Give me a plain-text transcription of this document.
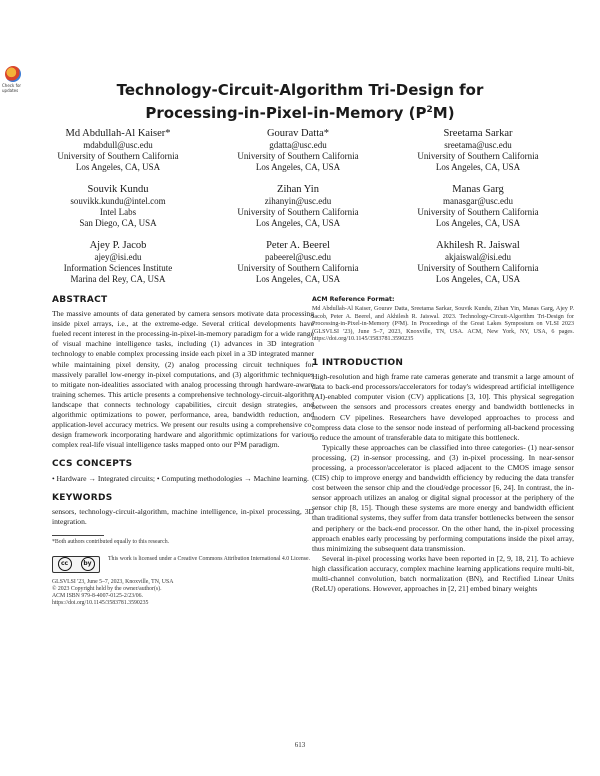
Check for updates	Technology-Circuit-Algorithm Tri-Design for
Processing-in-Pixel-in-Memory $(P^2M)$
Md Abdullah-Al Kaiser*
mdabdull@usc.edu
University of Southern California
Los Angeles, CA, USA
Gourav Datta*
gdatta@usc.edu
University of Southern California
Los Angeles, CA, USA
Sreetama Sarkar
sreetama@usc.edu
University of Southern California
Los Angeles, CA, USA
Souvik Kundu
souvikk.kundu@intel.com
Intel Labs
San Diego, CA, USA
Zihan Yin
zihanyin@usc.edu
University of Southern California
Los Angeles, CA, USA
Manas Garg
manasgar@usc.edu
University of Southern California
Los Angeles, CA, USA
Ajey P. Jacob
ajey@isi.edu
Information Sciences Institute
Marina del Rey, CA, USA
Peter A. Beerel
pabeerel@usc.edu
University of Southern California
Los Angeles, CA, USA
Akhilesh R. Jaiswal
akjaiswal@isi.edu
University of Southern California
Los Angeles, CA, USA
ABSTRACT

The massive amounts of data generated by camera sensors motivate data processing inside pixel arrays, i.e., at the extreme-edge. Several critical developments have fueled recent interest in the processing-in-pixel-in-memory paradigm for a wide range of visual machine intelligence tasks, including (1) advances in 3D integration technology to enable complex processing inside each pixel in a 3D integrated manner while maintaining pixel density, (2) analog processing circuit techniques for massively parallel low-energy in-pixel computations, and (3) algorithmic techniques to mitigate non-idealities associated with analog processing through hardware-aware training schemes. This article presents a comprehensive technology-circuit-algorithm landscape that connects technology capabilities, circuit design strategies, and algorithmic optimizations to power, performance, area, bandwidth reduction, and application-level accuracy metrics. We present our results using a comprehensive co-design framework incorporating hardware and algorithmic optimizations for various complex real-life visual intelligence tasks mapped onto our P²M paradigm.

CCS CONCEPTS

• Hardware → Integrated circuits; • Computing methodologies → Machine learning.

KEYWORDS

sensors, technology-circuit-algorithm, machine intelligence, in-pixel processing, 3D integration.

*Both authors contributed equally to this research.
cc	by
This work is licensed under a Creative Commons Attribution International 4.0 License.
GLSVLSI '23, June 5–7, 2023, Knoxville, TN, USA
© 2023 Copyright held by the owner/author(s).
ACM ISBN 979-8-4007-0125-2/23/06.
https://doi.org/10.1145/3583781.3590235
ACM Reference Format:

Md Abdullah-Al Kaiser, Gourav Datta, Sreetama Sarkar, Souvik Kundu, Zihan Yin, Manas Garg, Ajey P. Jacob, Peter A. Beerel, and Akhilesh R. Jaiswal. 2023. Technology-Circuit-Algorithm Tri-Design for Processing-in-Pixel-in-Memory (P²M). In Proceedings of the Great Lakes Symposium on VLSI 2023 (GLSVLSI '23), June 5–7, 2023, Knoxville, TN, USA. ACM, New York, NY, USA, 6 pages. https://doi.org/10.1145/3583781.3590235

1 INTRODUCTION

High-resolution and high frame rate cameras generate and transmit a large amount of data to back-end processors/accelerators for today's widespread artificial intelligence (AI)-enabled computer vision (CV) applications [3, 10]. This physical segregation between the sensors and processors creates energy and bandwidth bottlenecks in modern CV pipelines. Researchers have developed approaches to process and compress data close to the sensor node instead of performing all-backend processing to reduce the amount of transferable data to mitigate this bottleneck.

Typically these approaches can be classified into three categories- (1) near-sensor processing, (2) in-sensor processing, and (3) in-pixel processing. In near-sensor processing, a processor/accelerator is placed adjacent to the CMOS image sensor (CIS) chip to improve energy and bandwidth efficiency by reducing the data transfer cost between the sensor chip and the cloud/edge processor [6, 24]. In contrast, the in-sensor approach utilizes an analog or digital signal processor at the periphery of the sensor chip [8, 15]. Though these systems are more energy and bandwidth efficient than traditional systems, they suffer from data transfer bottlenecks between the sensor and periphery or the back-end processor. On the other hand, the in-pixel processing approach enables early processing by performing computations inside the pixel array, thus minimizing the subsequent data transmission.

Several in-pixel processing works have been reported in [2, 9, 18, 21]. To achieve high classification accuracy, complex machine learning applications require multi-bit, multi-channel convolution, batch normalization (BN), and Rectified Linear Units (ReLU) operations. However, approaches in [2, 21] embed binary weights

613
